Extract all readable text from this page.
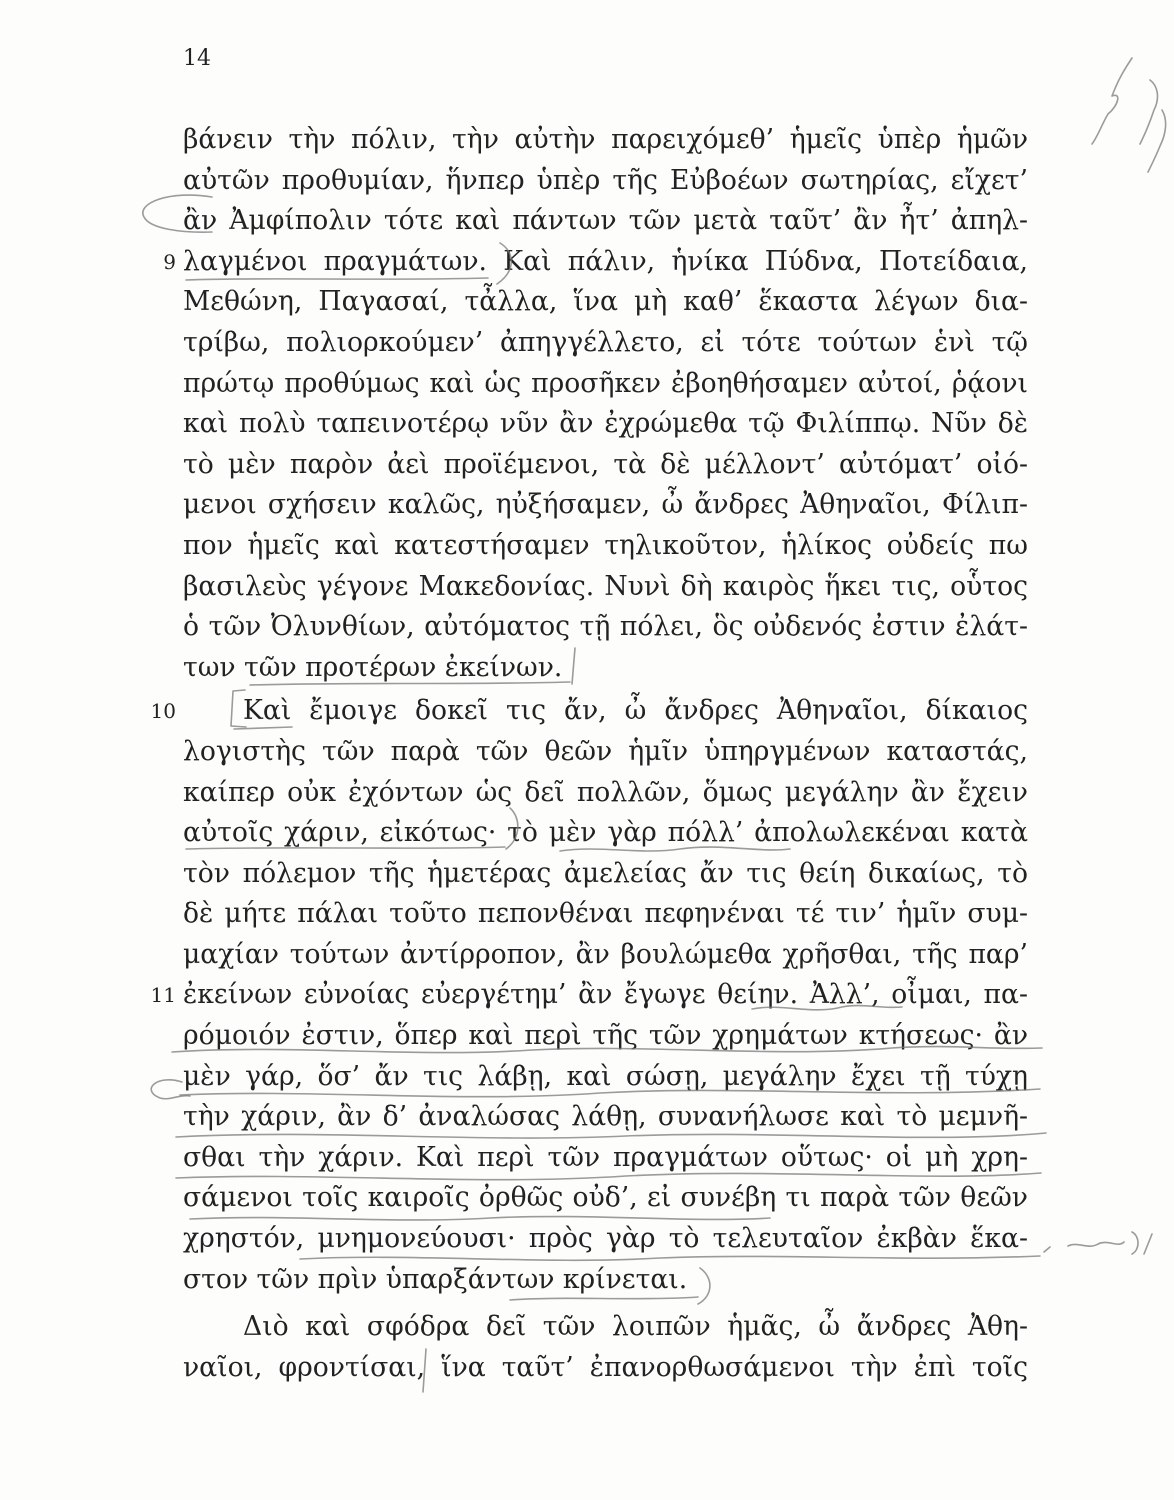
14
βάνειν τὴν πόλιν, τὴν αὐτὴν παρειχόμεθ’ ἡμεῖς ὑπὲρ ἡμῶν
αὐτῶν προθυμίαν, ἥνπερ ὑπὲρ τῆς Εὐβοέων σωτηρίας, εἴχετ’
ἂν Ἀμφίπολιν τότε καὶ πάντων τῶν μετὰ ταῦτ’ ἂν ἦτ’ ἀπηλ-
9 λαγμένοι πραγμάτων. Καὶ πάλιν, ἡνίκα Πύδνα, Ποτείδαια,
Μεθώνη, Παγασαί, τἆλλα, ἵνα μὴ καθ’ ἕκαστα λέγων δια-
τρίβω, πολιορκούμεν’ ἀπηγγέλλετο, εἰ τότε τούτων ἑνὶ τῷ
πρώτῳ προθύμως καὶ ὡς προσῆκεν ἐβοηθήσαμεν αὐτοί, ῥᾴονι
καὶ πολὺ ταπεινοτέρῳ νῦν ἂν ἐχρώμεθα τῷ Φιλίππῳ. Νῦν δὲ
τὸ μὲν παρὸν ἀεὶ προϊέμενοι, τὰ δὲ μέλλοντ’ αὐτόματ’ οἰό-
μενοι σχήσειν καλῶς, ηὐξήσαμεν, ὦ ἄνδρες Ἀθηναῖοι, Φίλιπ-
πον ἡμεῖς καὶ κατεστήσαμεν τηλικοῦτον, ἡλίκος οὐδείς πω
βασιλεὺς γέγονε Μακεδονίας. Νυνὶ δὴ καιρὸς ἥκει τις, οὗτος
ὁ τῶν Ὀλυνθίων, αὐτόματος τῇ πόλει, ὃς οὐδενός ἐστιν ἐλάτ-
των τῶν προτέρων ἐκείνων.
10	Καὶ ἔμοιγε δοκεῖ τις ἄν, ὦ ἄνδρες Ἀθηναῖοι, δίκαιος
λογιστὴς τῶν παρὰ τῶν θεῶν ἡμῖν ὑπηργμένων καταστάς,
καίπερ οὐκ ἐχόντων ὡς δεῖ πολλῶν, ὅμως μεγάλην ἂν ἔχειν
αὐτοῖς χάριν, εἰκότως· τὸ μὲν γὰρ πόλλ’ ἀπολωλεκέναι κατὰ
τὸν πόλεμον τῆς ἡμετέρας ἀμελείας ἄν τις θείη δικαίως, τὸ
δὲ μήτε πάλαι τοῦτο πεπονθέναι πεφηνέναι τέ τιν’ ἡμῖν συμ-
μαχίαν τούτων ἀντίρροπον, ἂν βουλώμεθα χρῆσθαι, τῆς παρ’
11 ἐκείνων εὐνοίας εὐεργέτημ’ ἂν ἔγωγε θείην. Ἀλλ’, οἶμαι, πα-
ρόμοιόν ἐστιν, ὅπερ καὶ περὶ τῆς τῶν χρημάτων κτήσεως· ἂν
μὲν γάρ, ὅσ’ ἄν τις λάβῃ, καὶ σώσῃ, μεγάλην ἔχει τῇ τύχῃ
τὴν χάριν, ἂν δ’ ἀναλώσας λάθῃ, συνανήλωσε καὶ τὸ μεμνῆ-
σθαι τὴν χάριν. Καὶ περὶ τῶν πραγμάτων οὕτως· οἱ μὴ χρη-
σάμενοι τοῖς καιροῖς ὀρθῶς οὐδ’, εἰ συνέβη τι παρὰ τῶν θεῶν
χρηστόν, μνημονεύουσι· πρὸς γὰρ τὸ τελευταῖον ἐκβὰν ἕκα-
στον τῶν πρὶν ὑπαρξάντων κρίνεται.
Διὸ καὶ σφόδρα δεῖ τῶν λοιπῶν ἡμᾶς, ὦ ἄνδρες Ἀθη-
ναῖοι, φροντίσαι, ἵνα ταῦτ’ ἐπανορθωσάμενοι τὴν ἐπὶ τοῖς
